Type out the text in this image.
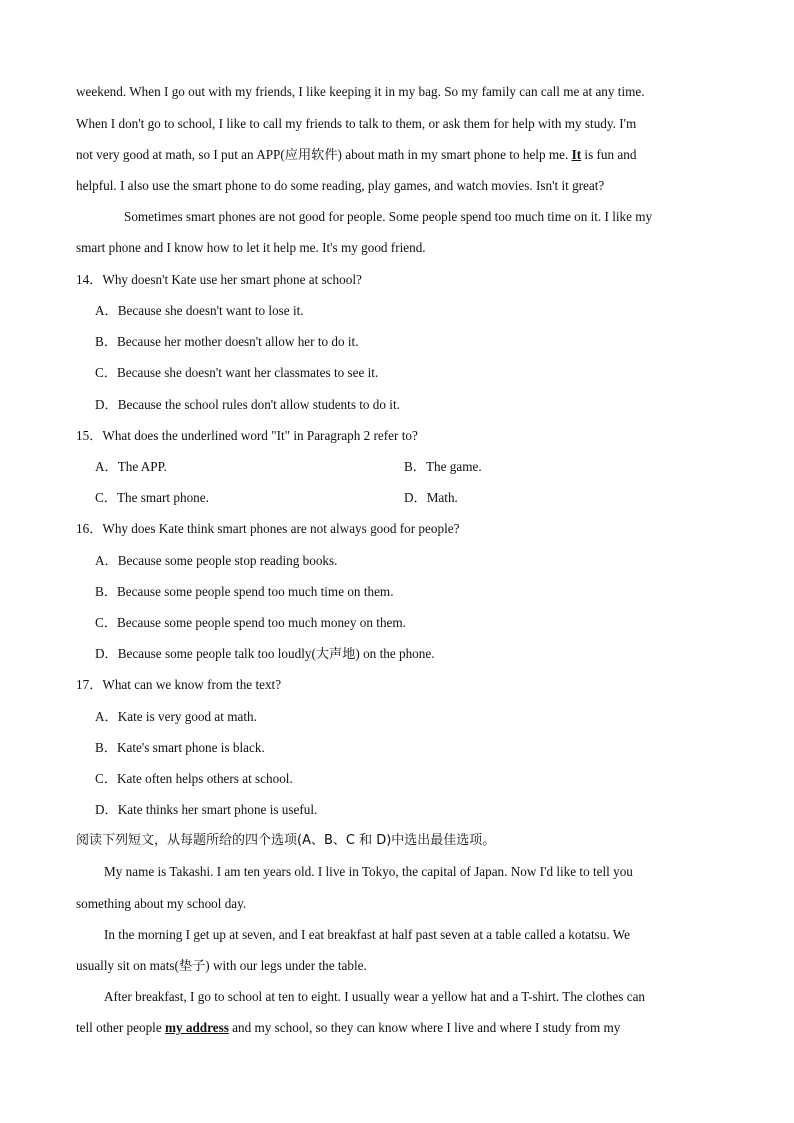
weekend. When I go out with my friends, I like keeping it in my bag. So my family can call me at any time.
When I don't go to school, I like to call my friends to talk to them, or ask them for help with my study. I'm
not very good at math, so I put an APP(应用软件) about math in my smart phone to help me. It is fun and
helpful. I also use the smart phone to do some reading, play games, and watch movies. Isn't it great?
Sometimes smart phones are not good for people. Some people spend too much time on it. I like my
smart phone and I know how to let it help me. It's my good friend.
14．Why doesn't Kate use her smart phone at school?
A．Because she doesn't want to lose it.
B．Because her mother doesn't allow her to do it.
C．Because she doesn't want her classmates to see it.
D．Because the school rules don't allow students to do it.
15．What does the underlined word "It" in Paragraph 2 refer to?
A．The APP.	B．The game.
C．The smart phone.	D．Math.
16．Why does Kate think smart phones are not always good for people?
A．Because some people stop reading books.
B．Because some people spend too much time on them.
C．Because some people spend too much money on them.
D．Because some people talk too loudly(大声地) on the phone.
17．What can we know from the text?
A．Kate is very good at math.
B．Kate's smart phone is black.
C．Kate often helps others at school.
D．Kate thinks her smart phone is useful.
阅读下列短文，从每题所给的四个选项(A、B、C 和 D)中选出最佳选项。
My name is Takashi. I am ten years old. I live in Tokyo, the capital of Japan. Now I'd like to tell you
something about my school day.
In the morning I get up at seven, and I eat breakfast at half past seven at a table called a kotatsu. We
usually sit on mats(垫子) with our legs under the table.
After breakfast, I go to school at ten to eight. I usually wear a yellow hat and a T-shirt. The clothes can
tell other people my address and my school, so they can know where I live and where I study from my
